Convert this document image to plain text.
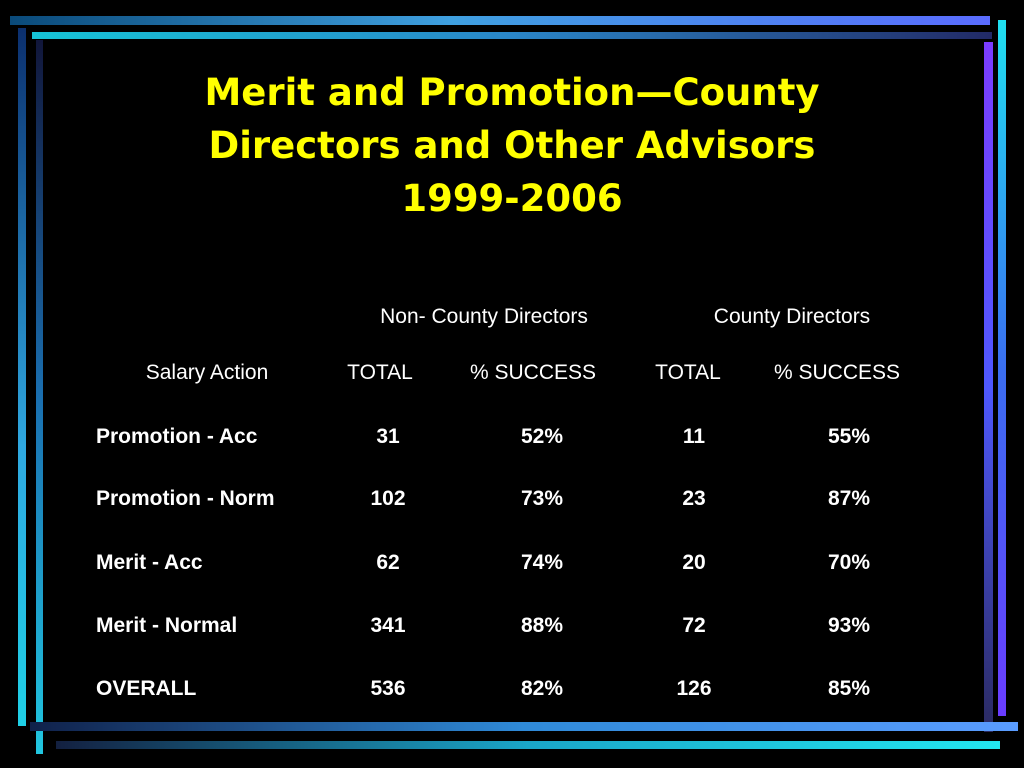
Merit and Promotion—County
Directors and Other Advisors
1999-2006
Non- County Directors	County Directors
Salary Action	TOTAL	% SUCCESS	TOTAL	% SUCCESS
Promotion - Acc	31	52%	11	55%
Promotion - Norm	102	73%	23	87%
Merit - Acc	62	74%	20	70%
Merit - Normal	341	88%	72	93%
OVERALL	536	82%	126	85%
